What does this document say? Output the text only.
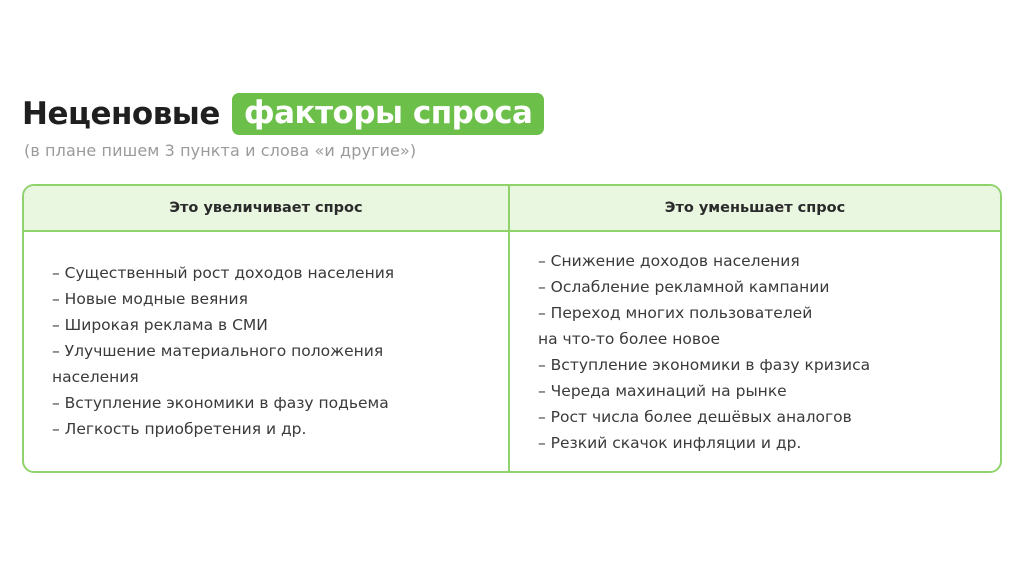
Неценовые факторы спроса
(в плане пишем 3 пункта и слова «и другие»)
Это увеличивает спрос	Это уменьшает спрос
– Существенный рост доходов населения
– Новые модные веяния
– Широкая реклама в СМИ
– Улучшение материального положения
населения
– Вступление экономики в фазу подьема
– Легкость приобретения и др.
– Снижение доходов населения
– Ослабление рекламной кампании
– Переход многих пользователей
на что-то более новое
– Вступление экономики в фазу кризиса
– Череда махинаций на рынке
– Рост числа более дешёвых аналогов
– Резкий скачок инфляции и др.
